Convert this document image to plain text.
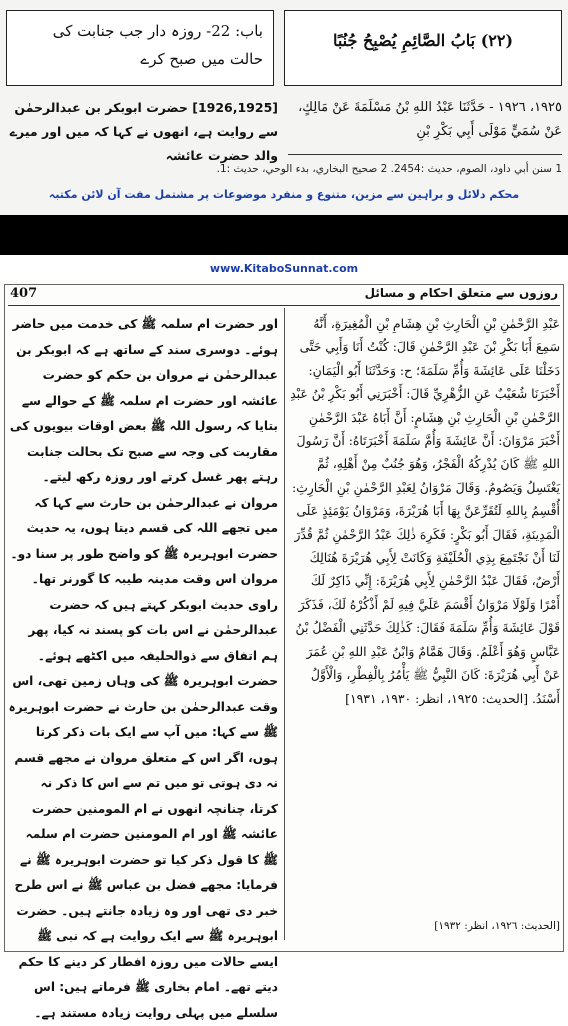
باب: 22- روزہ دار جب جنابت کی حالت میں صبح کرے
(٢٢) بَابُ الصَّائِمِ يُصْبِحُ جُنُبًا
[1926,1925] حضرت ابوبکر بن عبدالرحمٰن سے روایت ہے، انھوں نے کہا کہ میں اور میرے والد حضرت عائشہ
١٩٢٥، ١٩٢٦ - حَدَّثَنَا عَبْدُ اللهِ بْنُ مَسْلَمَةَ عَنْ مَالِكٍ، عَنْ سُمَيٍّ مَوْلَى أَبِي بَكْرِ بْنِ
1 سنن أبي داود، الصوم، حديث :2454. 2 صحيح البخاري، بدء الوحي، حديث :1.
محکم دلائل و براہین سے مزین، متنوع و منفرد موضوعات پر مشتمل مفت آن لائن مکتبہ
www.KitaboSunnat.com
407	روزوں سے متعلق احکام و مسائل

اور حضرت ام سلمہ ﷺ کی خدمت میں حاضر ہوئے۔ دوسری سند کے ساتھ ہے کہ ابوبکر بن عبدالرحمٰن نے مروان بن حکم کو حضرت عائشہ اور حضرت ام سلمہ ﷺ کے حوالے سے بتایا کہ رسول اللہ ﷺ بعض اوقات بیویوں کی مقاربت کی وجہ سے صبح تک بحالت جنابت رہتے پھر غسل کرتے اور روزہ رکھ لیتے۔

مروان نے عبدالرحمٰن بن حارث سے کہا کہ میں تجھے اللہ کی قسم دیتا ہوں، یہ حدیث حضرت ابوہریرہ ﷺ کو واضح طور پر سنا دو۔ مروان اس وقت مدینہ طیبہ کا گورنر تھا۔ راوی حدیث ابوبکر کہتے ہیں کہ حضرت عبدالرحمٰن نے اس بات کو پسند نہ کیا، پھر ہم اتفاق سے ذوالحلیفہ میں اکٹھے ہوئے۔ حضرت ابوہریرہ ﷺ کی وہاں زمین تھی، اس وقت عبدالرحمٰن بن حارث نے حضرت ابوہریرہ ﷺ سے کہا: میں آپ سے ایک بات ذکر کرتا ہوں، اگر اس کے متعلق مروان نے مجھے قسم نہ دی ہوتی تو میں تم سے اس کا ذکر نہ کرتا، چنانچہ انھوں نے ام المومنین حضرت عائشہ ﷺ اور ام المومنین حضرت ام سلمہ ﷺ کا قول ذکر کیا تو حضرت ابوہریرہ ﷺ نے فرمایا: مجھے فضل بن عباس ﷺ نے اس طرح خبر دی تھی اور وہ زیادہ جانتے ہیں۔ حضرت ابوہریرہ ﷺ سے ایک روایت ہے کہ نبی ﷺ ایسے حالات میں روزہ افطار کر دینے کا حکم دیتے تھے۔ امام بخاری ﷺ فرماتے ہیں: اس سلسلے میں پہلی روایت زیادہ مستند ہے۔

عَبْدِ الرَّحْمٰنِ بْنِ الْحَارِثِ بْنِ هِشَامِ بْنِ الْمُغِيرَةِ، أَنَّهُ سَمِعَ أَبَا بَكْرِ بْنَ عَبْدِ الرَّحْمٰنِ قَالَ: كُنْتُ أَنَا وَأَبِي حَتَّى دَخَلْنَا عَلَى عَائِشَةَ وَأُمِّ سَلَمَةَ؛ ح: وَحَدَّثَنَا أَبُو الْيَمَانِ: أَخْبَرَنَا شُعَيْبٌ عَنِ الزُّهْرِيِّ قَالَ: أَخْبَرَنِي أَبُو بَكْرِ بْنُ عَبْدِ الرَّحْمٰنِ بْنِ الْحَارِثِ بْنِ هِشَامٍ: أَنَّ أَبَاهُ عَبْدَ الرَّحْمٰنِ أَخْبَرَ مَرْوَانَ: أَنَّ عَائِشَةَ وَأُمَّ سَلَمَةَ أَخْبَرَتَاهُ: أَنَّ رَسُولَ اللهِ ﷺ كَانَ يُدْرِكُهُ الْفَجْرُ، وَهُوَ جُنُبٌ مِنْ أَهْلِهِ، ثُمَّ يَغْتَسِلُ وَيَصُومُ. وَقَالَ مَرْوَانُ لِعَبْدِ الرَّحْمٰنِ بْنِ الْحَارِثِ: أُقْسِمُ بِاللهِ لَتُقَرِّعَنَّ بِهَا أَبَا هُرَيْرَةَ، وَمَرْوَانُ يَوْمَئِذٍ عَلَى الْمَدِينَةِ، فَقَالَ أَبُو بَكْرٍ: فَكَرِهَ ذٰلِكَ عَبْدُ الرَّحْمٰنِ ثُمَّ قُدِّرَ لَنَا أَنْ نَجْتَمِعَ بِذِي الْحُلَيْفَةِ وَكَانَتْ لِأَبِي هُرَيْرَةَ هُنَالِكَ أَرْضٌ، فَقَالَ عَبْدُ الرَّحْمٰنِ لِأَبِي هُرَيْرَةَ: إِنِّي ذَاكِرٌ لَكَ أَمْرًا وَلَوْلَا مَرْوَانُ أَقْسَمَ عَلَيَّ فِيهِ لَمْ أَذْكُرْهُ لَكَ، فَذَكَرَ قَوْلَ عَائِشَةَ وَأُمِّ سَلَمَةَ فَقَالَ: كَذٰلِكَ حَدَّثَنِي الْفَضْلُ بْنُ عَبَّاسٍ وَهُوَ أَعْلَمُ. وَقَالَ هَمَّامٌ وَابْنُ عَبْدِ اللهِ بْنِ عُمَرَ عَنْ أَبِي هُرَيْرَةَ: كَانَ النَّبِيُّ ﷺ يَأْمُرُ بِالْفِطْرِ، وَالْأَوَّلُ أَسْنَدُ. [الحديث: ١٩٢٥، انظر: ١٩٣٠، ١٩٣١]

[الحديث: ١٩٢٦، انظر: ١٩٣٢]
